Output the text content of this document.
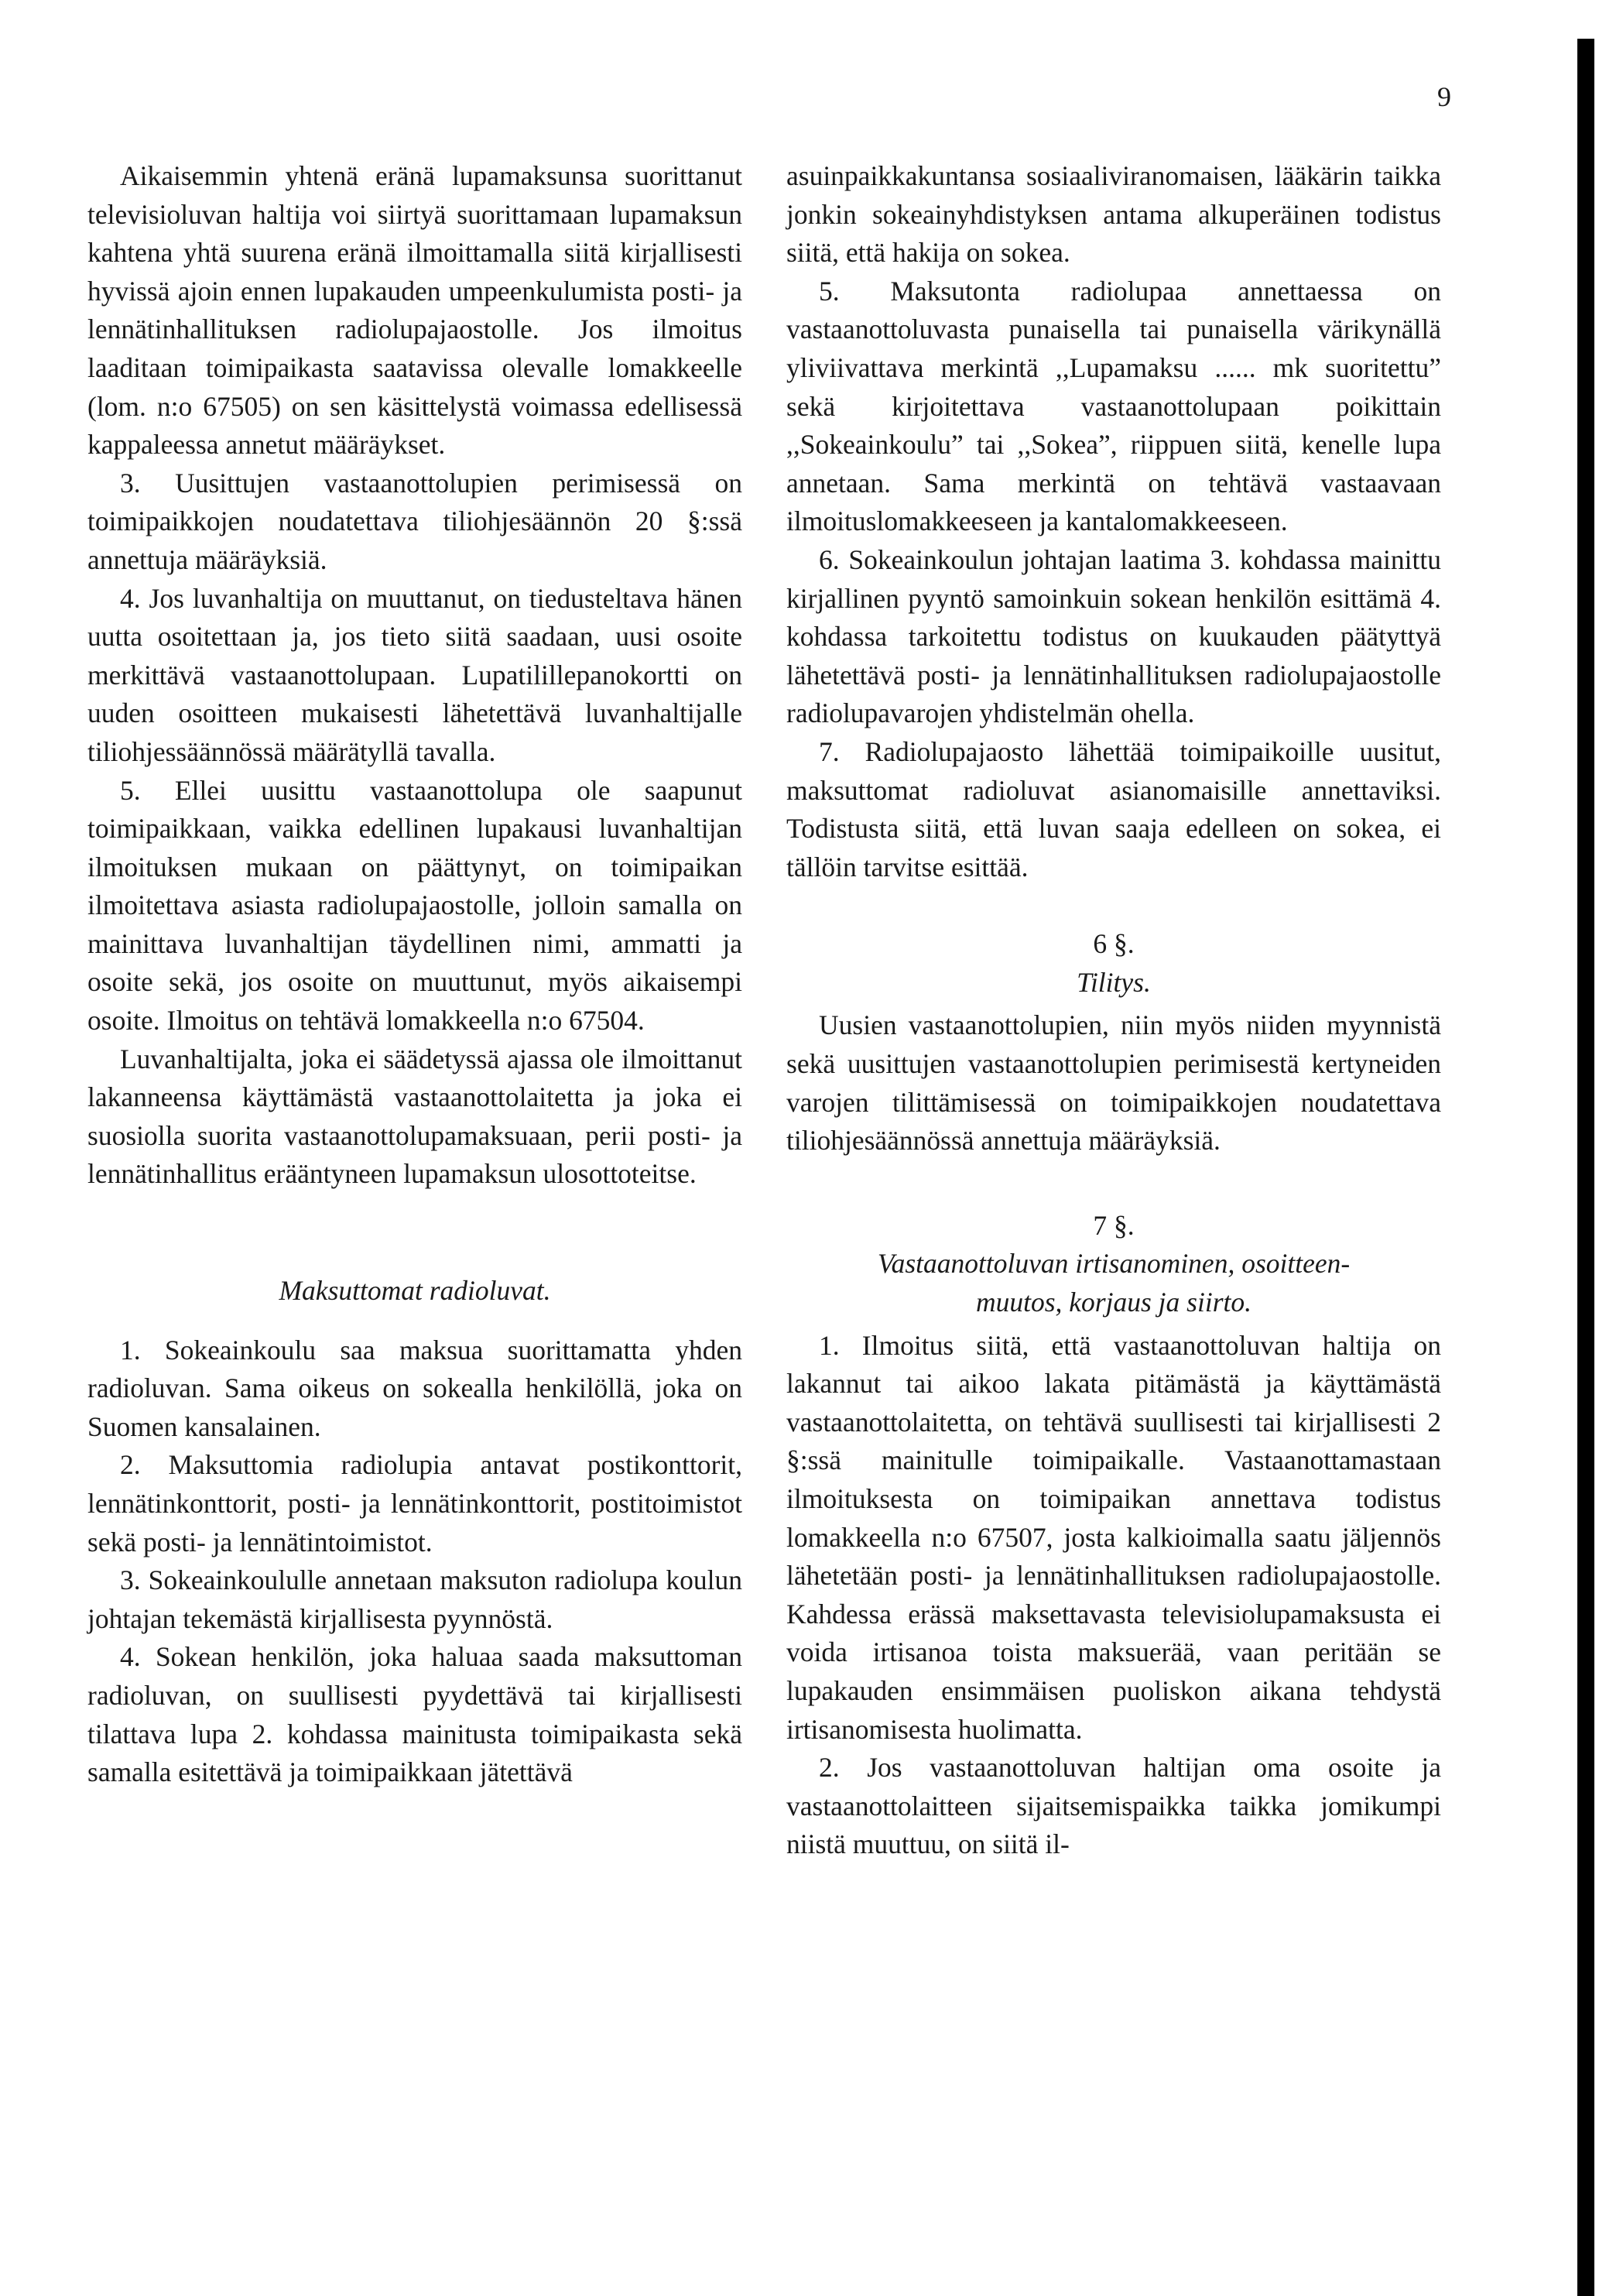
9

Aikaisemmin yhtenä eränä lupamaksunsa suorittanut televisioluvan haltija voi siirtyä suorittamaan lupamaksun kahtena yhtä suurena eränä ilmoittamalla siitä kirjallisesti hyvissä ajoin ennen lupakauden umpeenkulumista posti- ja lennätinhallituksen radiolupajaostolle. Jos ilmoitus laaditaan toimipaikasta saatavissa olevalle lomakkeelle (lom. n:o 67505) on sen käsittelystä voimassa edellisessä kappaleessa annetut määräykset.

3. Uusittujen vastaanottolupien perimisessä on toimipaikkojen noudatettava tiliohjesäännön 20 §:ssä annettuja määräyksiä.

4. Jos luvanhaltija on muuttanut, on tiedusteltava hänen uutta osoitettaan ja, jos tieto siitä saadaan, uusi osoite merkittävä vastaanottolupaan. Lupatilillepanokortti on uuden osoitteen mukaisesti lähetettävä luvanhaltijalle tiliohjessäännössä määrätyllä tavalla.

5. Ellei uusittu vastaanottolupa ole saapunut toimipaikkaan, vaikka edellinen lupakausi luvanhaltijan ilmoituksen mukaan on päättynyt, on toimipaikan ilmoitettava asiasta radiolupajaostolle, jolloin samalla on mainittava luvanhaltijan täydellinen nimi, ammatti ja osoite sekä, jos osoite on muuttunut, myös aikaisempi osoite. Ilmoitus on tehtävä lomakkeella n:o 67504.

Luvanhaltijalta, joka ei säädetyssä ajassa ole ilmoittanut lakanneensa käyttämästä vastaanottolaitetta ja joka ei suosiolla suorita vastaanottolupamaksuaan, perii posti- ja lennätinhallitus erääntyneen lupamaksun ulosottoteitse.

Maksuttomat radioluvat.

1. Sokeainkoulu saa maksua suorittamatta yhden radioluvan. Sama oikeus on sokealla henkilöllä, joka on Suomen kansalainen.

2. Maksuttomia radiolupia antavat postikonttorit, lennätinkonttorit, posti- ja lennätinkonttorit, postitoimistot sekä posti- ja lennätintoimistot.

3. Sokeainkoululle annetaan maksuton radiolupa koulun johtajan tekemästä kirjallisesta pyynnöstä.

4. Sokean henkilön, joka haluaa saada maksuttoman radioluvan, on suullisesti pyydettävä tai kirjallisesti tilattava lupa 2. kohdassa mainitusta toimipaikasta sekä samalla esitettävä ja toimipaikkaan jätettävä

asuinpaikkakuntansa sosiaaliviranomaisen, lääkärin taikka jonkin sokeainyhdistyksen antama alkuperäinen todistus siitä, että hakija on sokea.

5. Maksutonta radiolupaa annettaessa on vastaanottoluvasta punaisella tai punaisella värikynällä yliviivattava merkintä ,,Lupamaksu ...... mk suoritettu” sekä kirjoitettava vastaanottolupaan poikittain ,,Sokeainkoulu” tai ,,Sokea”, riippuen siitä, kenelle lupa annetaan. Sama merkintä on tehtävä vastaavaan ilmoituslomakkeeseen ja kantalomakkeeseen.

6. Sokeainkoulun johtajan laatima 3. kohdassa mainittu kirjallinen pyyntö samoinkuin sokean henkilön esittämä 4. kohdassa tarkoitettu todistus on kuukauden päätyttyä lähetettävä posti- ja lennätinhallituksen radiolupajaostolle radiolupavarojen yhdistelmän ohella.

7. Radiolupajaosto lähettää toimipaikoille uusitut, maksuttomat radioluvat asianomaisille annettaviksi. Todistusta siitä, että luvan saaja edelleen on sokea, ei tällöin tarvitse esittää.

6 §.
Tilitys.

Uusien vastaanottolupien, niin myös niiden myynnistä sekä uusittujen vastaanottolupien perimisestä kertyneiden varojen tilittämisessä on toimipaikkojen noudatettava tiliohjesäännössä annettuja määräyksiä.

7 §.
Vastaanottoluvan irtisanominen, osoitteen-
muutos, korjaus ja siirto.

1. Ilmoitus siitä, että vastaanottoluvan haltija on lakannut tai aikoo lakata pitämästä ja käyttämästä vastaanottolaitetta, on tehtävä suullisesti tai kirjallisesti 2 §:ssä mainitulle toimipaikalle. Vastaanottamastaan ilmoituksesta on toimipaikan annettava todistus lomakkeella n:o 67507, josta kalkioimalla saatu jäljennös lähetetään posti- ja lennätinhallituksen radiolupajaostolle. Kahdessa erässä maksettavasta televisiolupamaksusta ei voida irtisanoa toista maksuerää, vaan peritään se lupakauden ensimmäisen puoliskon aikana tehdystä irtisanomisesta huolimatta.

2. Jos vastaanottoluvan haltijan oma osoite ja vastaanottolaitteen sijaitsemispaikka taikka jomikumpi niistä muuttuu, on siitä il-
